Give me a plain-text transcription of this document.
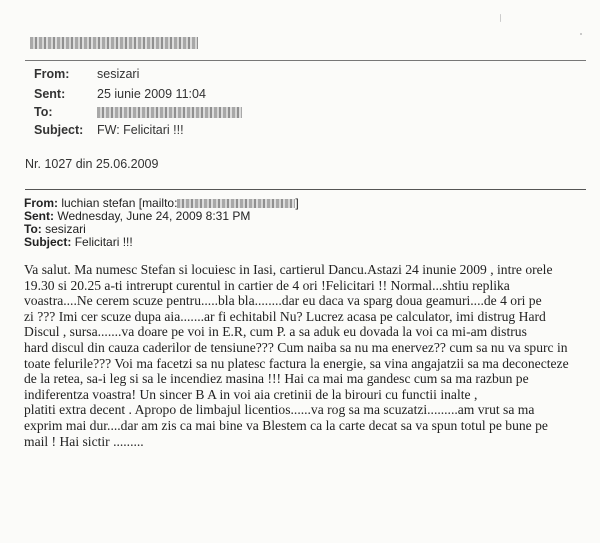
From: sesizari
Sent:	25 iunie 2009 11:04
To:
Subject: FW: Felicitari !!!
Nr. 1027 din 25.06.2009
From: luchian stefan [mailto:	]
Sent: Wednesday, June 24, 2009 8:31 PM
To: sesizari
Subject: Felicitari !!!
Va salut. Ma numesc Stefan si locuiesc in Iasi, cartierul Dancu.Astazi 24 inunie 2009 , intre orele
19.30 si 20.25 a-ti intrerupt curentul in cartier de 4 ori !Felicitari !! Normal...shtiu replika
voastra....Ne cerem scuze pentru.....bla bla........dar eu daca va sparg doua geamuri....de 4 ori pe
zi ??? Imi cer scuze dupa aia.......ar fi echitabil Nu? Lucrez acasa pe calculator, imi distrug Hard
Discul , sursa.......va doare pe voi in E.R, cum P. a sa aduk eu dovada la voi ca mi-am distrus
hard discul din cauza caderilor de tensiune??? Cum naiba sa nu ma enervez?? cum sa nu va spurc in
toate felurile??? Voi ma facetzi sa nu platesc factura la energie, sa vina angajatzii sa ma deconecteze
de la retea, sa-i leg si sa le incendiez masina !!! Hai ca mai ma gandesc cum sa ma razbun pe
indiferentza voastra! Un sincer B A in voi aia cretinii de la birouri cu functii inalte ,
platiti extra decent . Apropo de limbajul licentios......va rog sa ma scuzatzi.........am vrut sa ma
exprim mai dur....dar am zis ca mai bine va Blestem ca la carte decat sa va spun totul pe bune pe
mail ! Hai sictir .........
